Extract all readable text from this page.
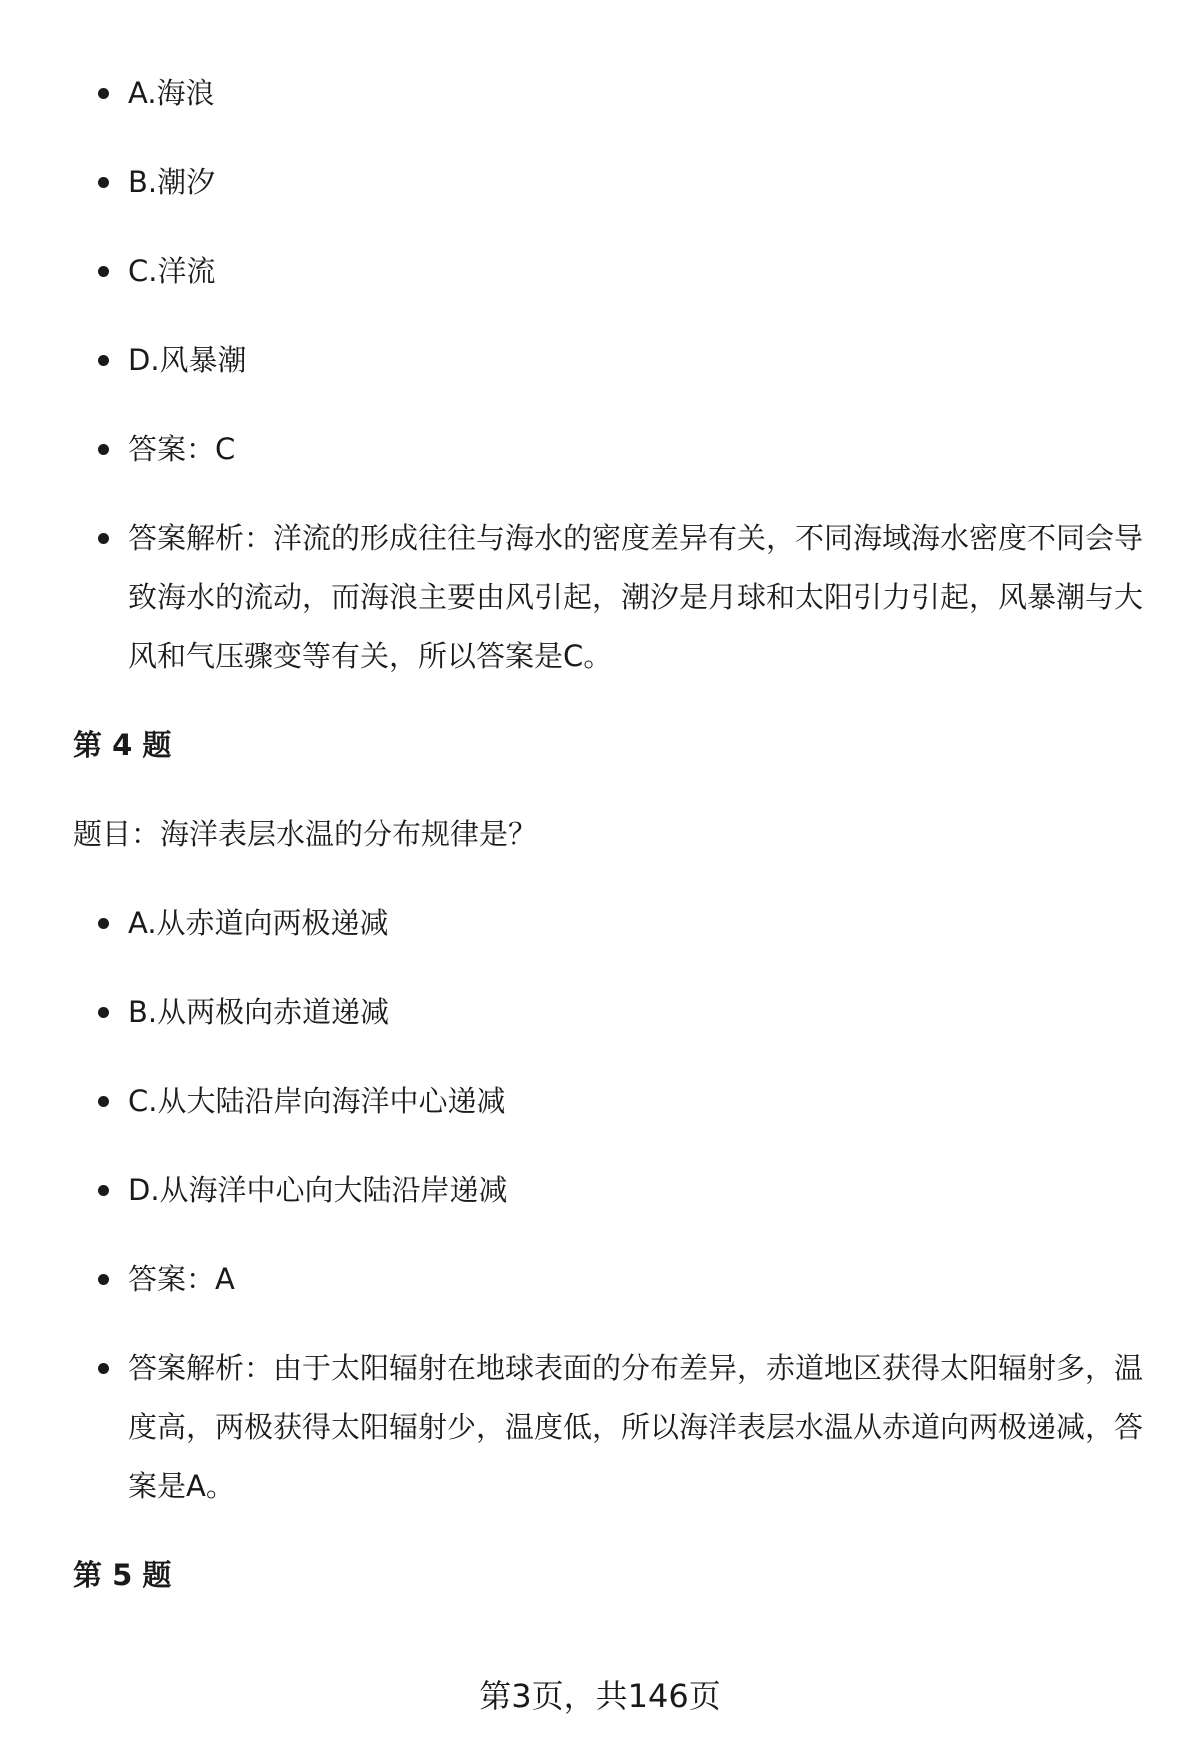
A.海浪
B.潮汐
C.洋流
D.风暴潮
答案：C
答案解析：洋流的形成往往与海水的密度差异有关，不同海域海水密度不同会导致海水的流动，而海浪主要由风引起，潮汐是月球和太阳引力引起，风暴潮与大风和气压骤变等有关，所以答案是C。
第 4 题
题目：海洋表层水温的分布规律是？
A.从赤道向两极递减
B.从两极向赤道递减
C.从大陆沿岸向海洋中心递减
D.从海洋中心向大陆沿岸递减
答案：A
答案解析：由于太阳辐射在地球表面的分布差异，赤道地区获得太阳辐射多，温度高，两极获得太阳辐射少，温度低，所以海洋表层水温从赤道向两极递减，答案是A。
第 5 题
第3页，共146页
